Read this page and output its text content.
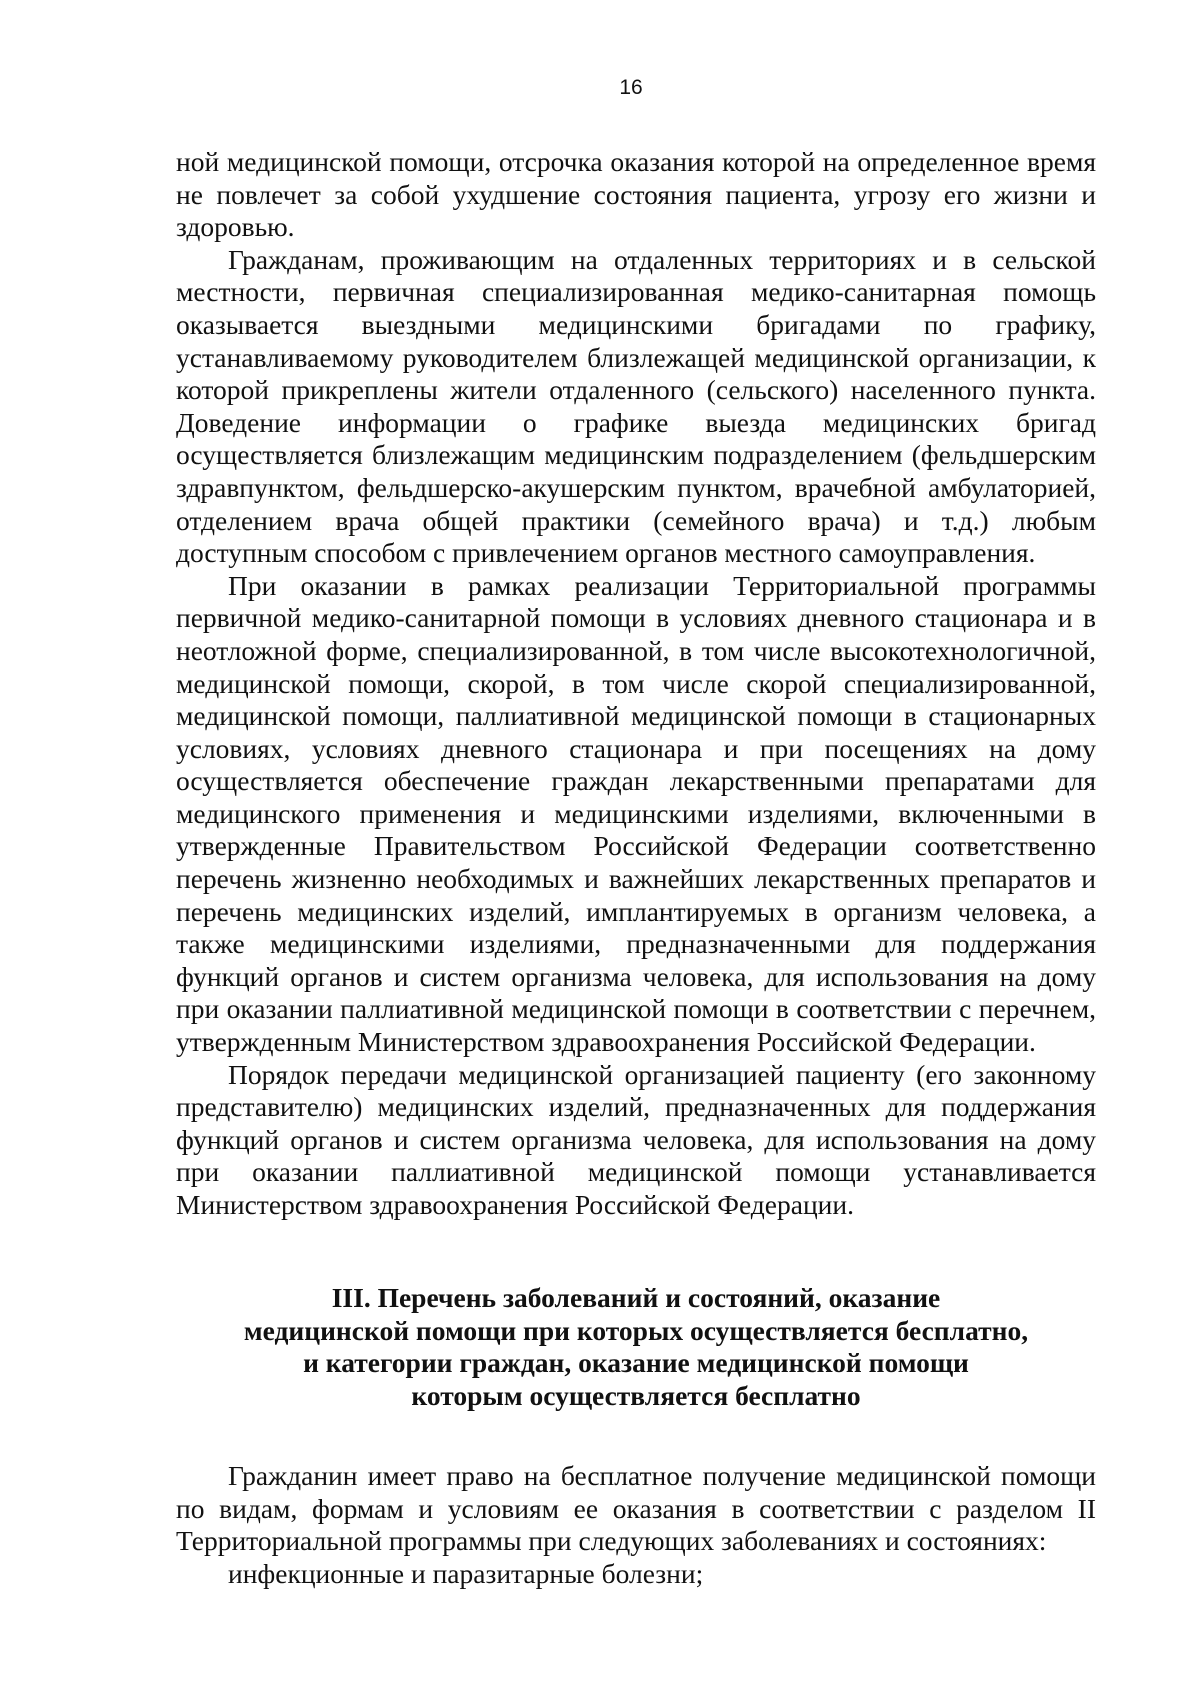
16

ной медицинской помощи, отсрочка оказания которой на определенное время не повлечет за собой ухудшение состояния пациента, угрозу его жизни и здоровью.

Гражданам, проживающим на отдаленных территориях и в сельской местности, первичная специализированная медико-санитарная помощь оказывается выездными медицинскими бригадами по графику, устанавливаемому руководителем близлежащей медицинской организации, к которой прикреплены жители отдаленного (сельского) населенного пункта. Доведение информации о графике выезда медицинских бригад осуществляется близлежащим медицинским подразделением (фельдшерским здравпунктом, фельдшерско-акушерским пунктом, врачебной амбулаторией, отделением врача общей практики (семейного врача) и т.д.) любым доступным способом с привлечением органов местного самоуправления.

При оказании в рамках реализации Территориальной программы первичной медико-санитарной помощи в условиях дневного стационара и в неотложной форме, специализированной, в том числе высокотехнологичной, медицинской помощи, скорой, в том числе скорой специализированной, медицинской помощи, паллиативной медицинской помощи в стационарных условиях, условиях дневного стационара и при посещениях на дому осуществляется обеспечение граждан лекарственными препаратами для медицинского применения и медицинскими изделиями, включенными в утвержденные Правительством Российской Федерации соответственно перечень жизненно необходимых и важнейших лекарственных препаратов и перечень медицинских изделий, имплантируемых в организм человека, а также медицинскими изделиями, предназначенными для поддержания функций органов и систем организма человека, для использования на дому при оказании паллиативной медицинской помощи в соответствии с перечнем, утвержденным Министерством здравоохранения Российской Федерации.

Порядок передачи медицинской организацией пациенту (его законному представителю) медицинских изделий, предназначенных для поддержания функций органов и систем организма человека, для использования на дому при оказании паллиативной медицинской помощи устанавливается Министерством здравоохранения Российской Федерации.

III. Перечень заболеваний и состояний, оказание
медицинской помощи при которых осуществляется бесплатно,
и категории граждан, оказание медицинской помощи
которым осуществляется бесплатно

Гражданин имеет право на бесплатное получение медицинской помощи по видам, формам и условиям ее оказания в соответствии с разделом II Территориальной программы при следующих заболеваниях и состояниях:

инфекционные и паразитарные болезни;
